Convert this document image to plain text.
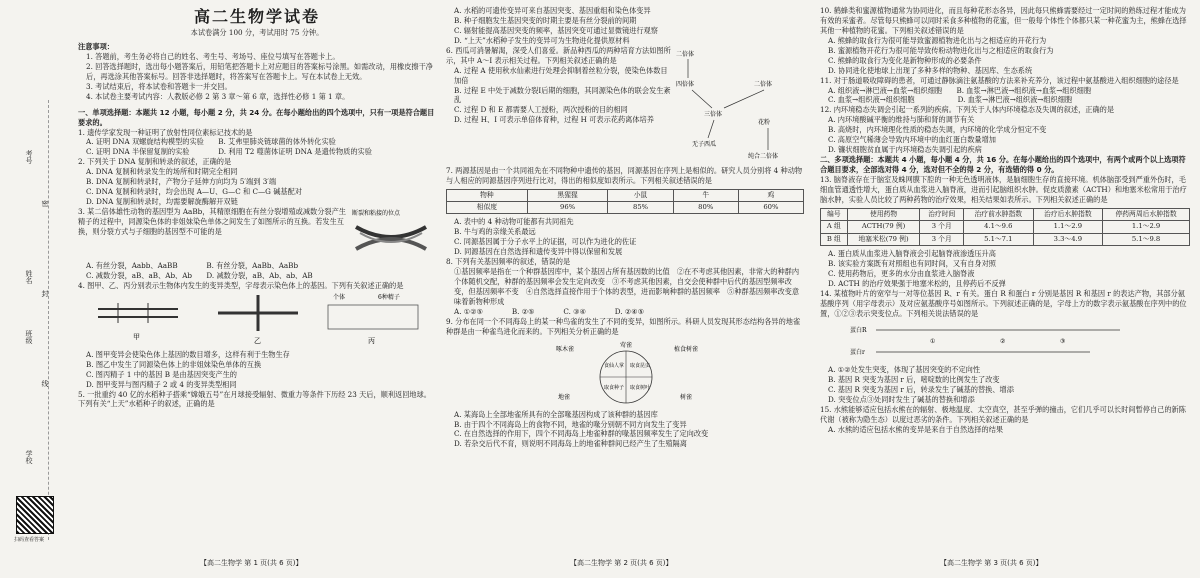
考号
姓名
班级
学校
密
封
线
扫码查看答案

高二生物学试卷

本试卷满分 100 分，考试用时 75 分钟。

注意事项：

1. 答题前，考生务必将自己的姓名、考生号、考场号、座位号填写在答题卡上。

2. 回答选择题时，选出每小题答案后，用铅笔把答题卡上对应题目的答案标号涂黑。如需改动，用橡皮擦干净后，再选涂其他答案标号。回答非选择题时，将答案写在答题卡上。写在本试卷上无效。

3. 考试结束后，将本试卷和答题卡一并交回。

4. 本试卷主要考试内容：人教版必修 2 第 3 章～第 6 章，选择性必修 1 第 1 章。

一、单项选择题：本题共 12 小题，每小题 2 分，共 24 分。在每小题给出的四个选项中，只有一项是符合题目要求的。

1. 遗传学家发现一种证明了放射性同位素标记技术的是

A. 证明 DNA 双螺旋结构模型的实验　　B. 艾弗里肺炎链球菌的体外转化实验

C. 证明 DNA 半保留复制的实验　　　　D. 利用 T2 噬菌体证明 DNA 是遗传物质的实验

2. 下列关于 DNA 复制和转录的叙述，正确的是

A. DNA 复制和转录发生的场所和时期完全相同

B. DNA 复制和转录时，产物分子延伸方向均为 5′端到 3′端

C. DNA 复制和转录时，均会出现 A—U、G—C 和 C—G 碱基配对

D. DNA 复制和转录时，均需要解旋酶解开双链

3. 某二倍体雄性动物的基因型为 AaBb，其精原细胞在有丝分裂增殖或减数分裂产生精子的过程中，同源染色体的非姐妹染色单体之间发生了如图所示的互换。若发生互换，则分裂方式与子细胞的基因型不可能的是

断裂和粘接的位点

A. 有丝分裂，Aabb、AaBB　　　　B. 有丝分裂，AaBb、AaBb

C. 减数分裂，aB、aB、Ab、Ab　　D. 减数分裂，aB、Ab、ab、AB

4. 图甲、乙、丙分别表示生物体内发生的变异类型，字母表示染色体上的基因。下列有关叙述正确的是

甲	乙
个体	6种精子
丙

A. 图甲变异会使染色体上基因的数目增多，这样有利于生物生存

B. 图乙中发生了同源染色体上的非姐妹染色单体的互换

C. 图丙精子 1 中的基因 B 是由基因突变产生的

D. 图甲变异与图丙精子 2 或 4 的变异类型相同

5. 一批重约 40 亿的水稻种子搭乘“嫦娥五号”在月球接受辐射、微重力等条件下历经 23 天后，顺利返回地球。下列有关“上天”水稻种子的叙述，正确的是

A. 水稻的可遗传变异可来自基因突变、基因重组和染色体变异

B. 种子细胞发生基因突变的时期主要是有丝分裂前的间期

C. 辐射能提高基因突变的频率，基因突变可通过显微镜进行观察

D. “上天”水稻种子发生的变异可为生物进化提供原材料

6. 西瓜可消暑解渴，深受人们喜爱。新品种西瓜的两种培育方法如图所示，其中 A～I 表示相关过程。下列相关叙述正确的是

A. 过程 A 使用秋水仙素进行处理会抑制着丝粒分裂，使染色体数目加倍

B. 过程 E 中处于减数分裂Ⅰ后期的细胞，其同源染色体的联会发生紊乱

C. 过程 D 和 E 都需要人工授粉，两次授粉的目的相同

D. 过程 H、I 可表示单倍体育种，过程 H 可表示花药离体培养

二倍体
四倍体	二倍体
三倍体
无子西瓜
花粉
纯合二倍体

7. 两源基因是由一个共同祖先在不同物种中遗传的基因，同源基因在序列上是相似的。研究人员分别将 4 种动物与人相应的同源基因序列进行比对，得出的相似度如表所示。下列相关叙述错误的是

物种	黑猩猩	小鼠	牛	鸡
相似度	96%	85%	80%	60%

A. 表中的 4 种动物可能都有共同祖先

B. 牛与鸡的亲缘关系最远

C. 同源基因属于分子水平上的证据，可以作为进化的佐证

D. 同源基因在自然选择和遗传变异中得以保留和发展

8. 下列有关基因频率的叙述，错误的是

①基因频率是指在一个种群基因库中，某个基因占所有基因数的比值　②在不考虑其他因素，非常大的种群内个体随机交配，种群的基因频率会发生定向改变　③不考虑其他因素，自交会使种群中后代的基因型频率改变，但基因频率不变　④自然选择直接作用于个体的表型，进而影响种群的基因频率　⑤种群基因频率改变意味着新物种形成

A. ①②⑤　　　　B. ②⑤　　　　C. ③④　　　　D. ②④⑤

9. 分布在同一个不同海岛上的某一种鸟雀的发生了不同的变异，如图所示。科研人员发现其形态结构各异的地雀种群是由一种雀鸟进化而来的。下列相关分析正确的是

啄木雀
食仙人掌 取食昆虫
植食树雀
取食种子 取食树叶
地雀	树雀
莺雀

A. 某海岛上全部地雀所具有的全部喙基因构成了该种群的基因库

B. 由于四个不同海岛上的食物不同，地雀的喙分别朝不同方向发生了变异

C. 在自然选择的作用下，四个不同海岛上地雀种群的喙基因频率发生了定向改变

D. 若杂交后代不育，则说明不同海岛上的地雀种群间已经产生了生殖隔离

10. 鹤蜂类和蜜源植物通常为协同进化，而且每种花形态各异，因此每只熊蜂需要经过一定时间的熟练过程才能成为有效的采蜜者。尽管每只熊蜂可以同时采食多种植物的花蜜，但一般每个体性个体都只某一种花蜜为主，熊蜂在选择其他一种植物的花蜜。下列相关叙述错误的是

A. 熊蜂的取食行为很可能导致蜜源植物进化出与之相适应的开花行为

B. 蜜源植物开花行为很可能导致传粉动物进化出与之相适应的取食行为

C. 熊蜂的取食行为变化是新物种形成的必要条件

D. 协同进化使地球上出现了多种多样的物种、基因库、生态系统

11. 对于肠道吸收障碍的患者，可通过静脉滴注氨基酸的方法来补充养分，该过程中氨基酸进入组织细胞的途径是

A. 组织液→淋巴液→血浆→组织细胞　　B. 血浆→淋巴液→组织液→血浆→组织细胞

C. 血浆→组织液→组织细胞　　　　　　D. 血浆→淋巴液→组织液→组织细胞

12. 内环境稳态失调会引起一系列的疾病。下列关于人体内环境稳态及失调的叙述，正确的是

A. 内环境酸碱平衡的维持与肺和肾的调节有关

B. 高烧时，内环境理化性质的稳态失调，内环境的化学成分恒定不变

C. 高原空气稀薄会导致内环境中的血红蛋白数量增加

D. 镰状细胞贫血属于内环境稳态失调引起的疾病

二、多项选择题：本题共 4 小题，每小题 4 分，共 16 分。在每小题给出的四个选项中，有两个或两个以上选项符合题目要求，全部选对得 4 分，选对但不全的得 2 分，有选错的得 0 分。

13. 脑脊液存在于脑室及蛛网膜下腔的一种无色透明液体，是脑细胞生存的直接环境。机体脑部受到严重外伤时，毛细血管通透性增大，蛋白质从血浆进入脑脊液，进而引起脑组织水肿。促皮质激素（ACTH）和地塞米松常用于治疗脑水肿，实验人员比较了两种药物的治疗效果，相关结果如表所示。下列相关叙述正确的是

编号	使用药物	治疗时间	治疗前水肿指数	治疗后水肿指数	停药两周后水肿指数
A 组	ACTH(79 例)	3 个月	4.1～9.6	1.1～2.9	1.1～2.9
B 组	地塞米松(79 例)	3 个月	5.1～7.1	3.3～4.9	5.1～9.8

A. 蛋白质从血浆进入脑脊液会引起脑脊液渗透压升高

B. 该实验方案既有对照组也有同时间，又有自身对照

C. 使用药物后，更多的水分由血浆进入脑脊液

D. ACTH 的治疗效果强于地塞米松的，且停药后不反弹

14. 某植物叶片的宽窄与一对等位基因 R、r 有关。蛋白 R 和蛋白 r 分别是基因 R 和基因 r 的表达产物，其部分氨基酸序列（用字母表示）及对应氨基酸序号如图所示。下列叙述正确的是，字母上方的数字表示氨基酸在序列中的位置，①②③表示突变位点。下列相关说法错误的是

蛋白R
蛋白r
①	②	③

A. ①②处发生突变，体现了基因突变的不定向性

B. 基因 R 突变为基因 r 后，嘧啶数的比例发生了改变

C. 基因 R 突变为基因 r 后，转录发生了碱基的替换、增添

D. 突变位点③处同时发生了碱基的替换和增添

15. 水熊能够适应包括水熊在的辐射、极地温度、太空真空，甚至乎弹的撞击，它们几乎可以长时间暂停自己的新陈代谢（被称为隐生态）以度过恶劣的条件。下列相关叙述正确的是

A. 水熊的适应包括水熊的变异是来自于自然选择的结果

【高二生物学 第 1 页(共 6 页)】	【高二生物学 第 2 页(共 6 页)】	【高二生物学 第 3 页(共 6 页)】
